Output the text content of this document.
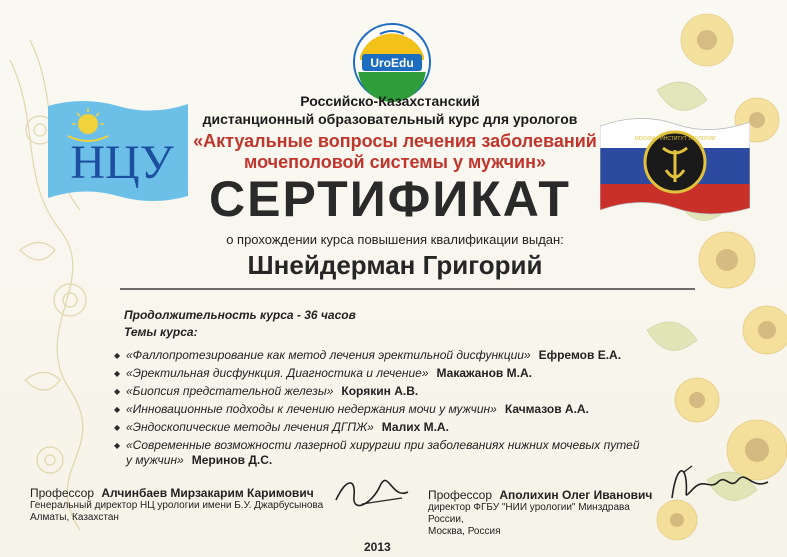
UroEdu
НЦУ	МОСКВА · ИНСТИТУТ УРОЛОГИИ
Российско-Казахстанский
дистанционный образовательный курс для урологов
«Актуальные вопросы лечения заболеваний
мочеполовой системы у мужчин»
СЕРТИФИКАТ
о прохождении курса повышения квалификации выдан:
Шнейдерман Григорий
Продолжительность курса - 36 часов
Темы курса:
◆ «Фаллопротезирование как метод лечения эректильной дисфункции» Ефремов Е.А.
◆ «Эректильная дисфункция. Диагностика и лечение» Макажанов М.А.
◆ «Биопсия предстательной железы» Корякин А.В.
◆ «Инновационные подходы к лечению недержания мочи у мужчин» Качмазов А.А.
◆ «Эндоскопические методы лечения ДГПЖ» Малих М.А.
◆ «Современные возможности лазерной хирургии при заболеваниях нижних мочевых путей у мужчин» Меринов Д.С.
Профессор Алчинбаев Мирзакарим Каримович
Генеральный директор НЦ урологии имени Б.У. Джарбусынова
Алматы, Казахстан
Профессор Аполихин Олег Иванович
директор ФГБУ "НИИ урологии" Минздрава России,
Москва, Россия
2013
